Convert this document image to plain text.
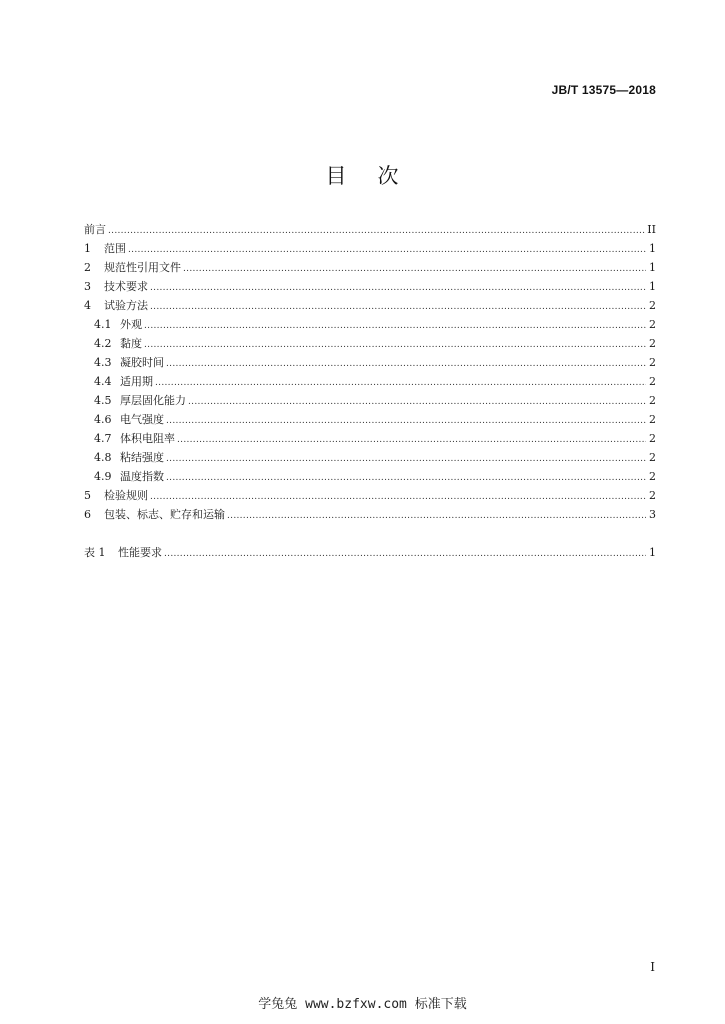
JB/T 13575—2018
目 次
前言 .....	II
1	范围 .....	1
2	规范性引用文件 .....	1
3	技术要求 .....	1
4	试验方法 .....	2
4.1 外观 .....	2
4.2 黏度 .....	2
4.3 凝胶时间 .....	2
4.4 适用期 .....	2
4.5 厚层固化能力 .....	2
4.6 电气强度 .....	2
4.7 体积电阻率 .....	2
4.8 粘结强度 .....	2
4.9 温度指数 .....	2
5	检验规则 .....	2
6	包装、标志、贮存和运输 .....	3
表 1	性能要求 .....	1
I
学兔兔 www.bzfxw.com 标准下载
